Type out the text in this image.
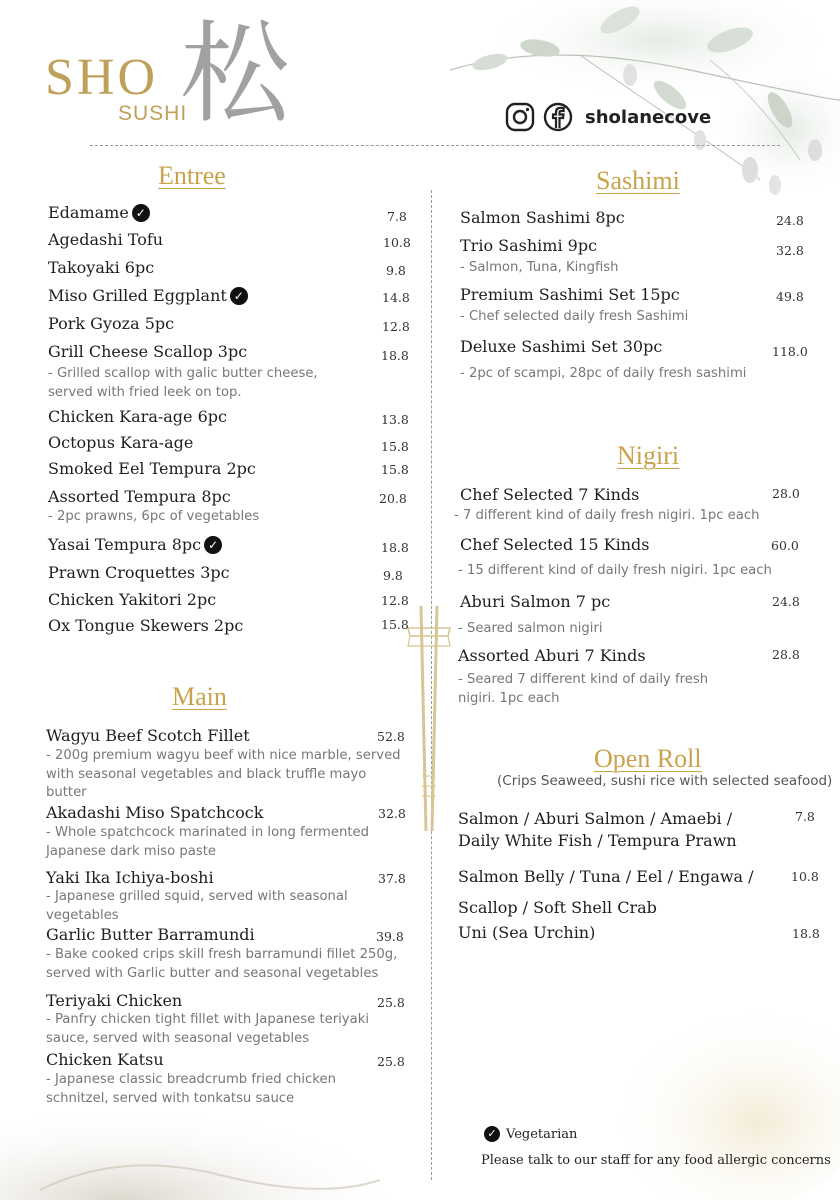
SHO
SUSHI
松	sholanecove
Entree
Edamame ✓	7.8
Agedashi Tofu	10.8
Takoyaki 6pc	9.8
Miso Grilled Eggplant ✓	14.8
Pork Gyoza 5pc	12.8
Grill Cheese Scallop 3pc	18.8
- Grilled scallop with galic butter cheese,
served with fried leek on top.
Chicken Kara-age 6pc	13.8
Octopus Kara-age	15.8
Smoked Eel Tempura 2pc	15.8
Assorted Tempura 8pc	20.8
- 2pc prawns, 6pc of vegetables
Yasai Tempura 8pc ✓	18.8
Prawn Croquettes 3pc	9.8
Chicken Yakitori 2pc	12.8
Ox Tongue Skewers 2pc	15.8
Main
Wagyu Beef Scotch Fillet	52.8
- 200g premium wagyu beef with nice marble, served
with seasonal vegetables and black truffle mayo
butter
Akadashi Miso Spatchcock	32.8
- Whole spatchcock marinated in long fermented
Japanese dark miso paste
Yaki Ika Ichiya-boshi	37.8
- Japanese grilled squid, served with seasonal
vegetables
Garlic Butter Barramundi	39.8
- Bake cooked crips skill fresh barramundi fillet 250g,
served with Garlic butter and seasonal vegetables
Teriyaki Chicken	25.8
- Panfry chicken tight fillet with Japanese teriyaki
sauce, served with seasonal vegetables
Chicken Katsu	25.8
- Japanese classic breadcrumb fried chicken
schnitzel, served with tonkatsu sauce
Sashimi
Salmon Sashimi 8pc	24.8
Trio Sashimi 9pc	32.8
- Salmon, Tuna, Kingfish
Premium Sashimi Set 15pc	49.8
- Chef selected daily fresh Sashimi
Deluxe Sashimi Set 30pc	118.0
- 2pc of scampi, 28pc of daily fresh sashimi
Nigiri
Chef Selected 7 Kinds	28.0
- 7 different kind of daily fresh nigiri. 1pc each
Chef Selected 15 Kinds	60.0
- 15 different kind of daily fresh nigiri. 1pc each
Aburi Salmon 7 pc	24.8
- Seared salmon nigiri
Assorted Aburi 7 Kinds	28.8
- Seared 7 different kind of daily fresh
nigiri. 1pc each
Open Roll
(Crips Seaweed, sushi rice with selected seafood)
Salmon / Aburi Salmon / Amaebi /
Daily White Fish / Tempura Prawn
7.8
Salmon Belly / Tuna / Eel / Engawa /
Scallop / Soft Shell Crab
10.8
Uni (Sea Urchin)	18.8
✓ Vegetarian
Please talk to our staff for any food allergic concerns
